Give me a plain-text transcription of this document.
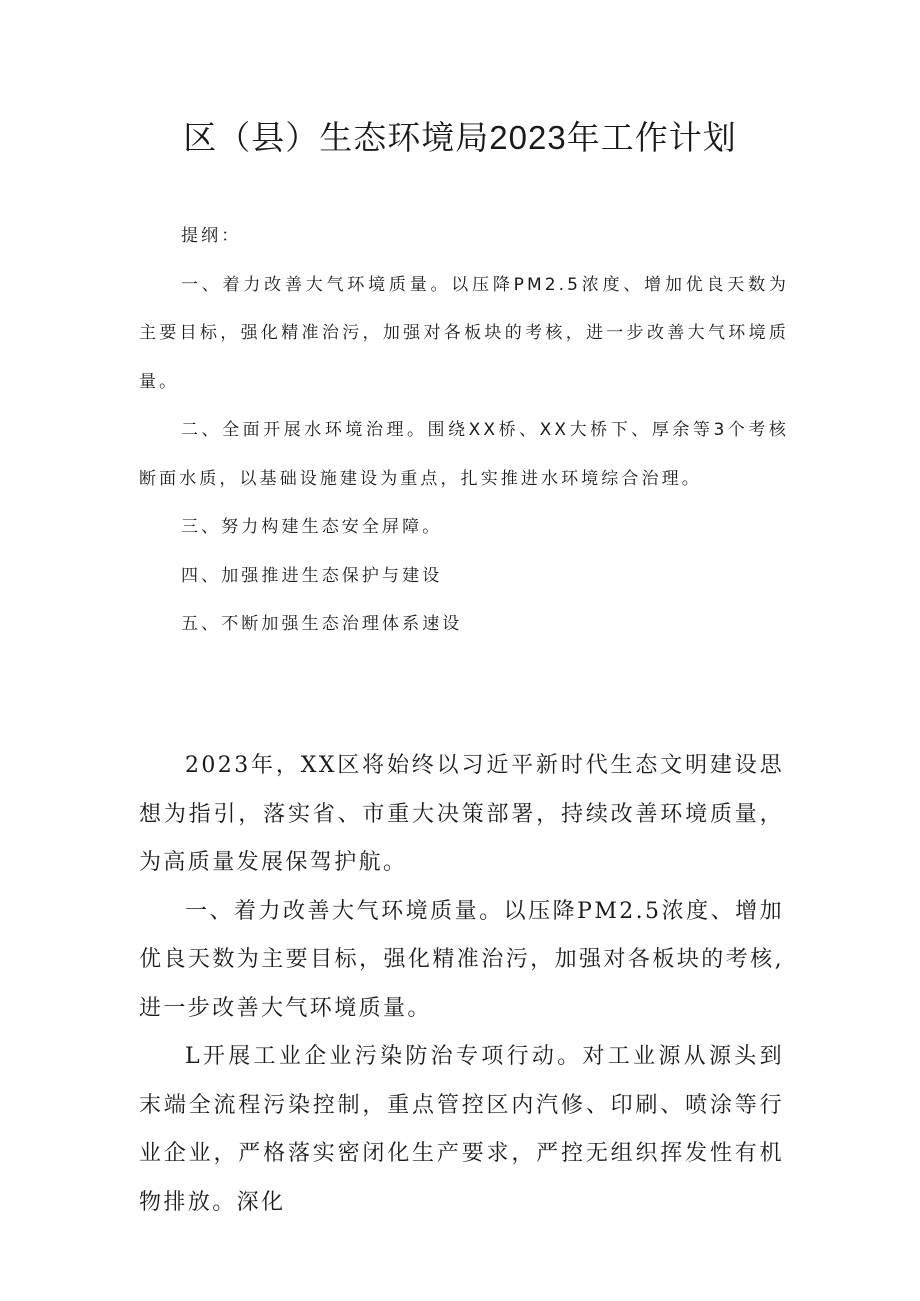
区（县）生态环境局2023年工作计划

提纲：

一、着力改善大气环境质量。以压降PM2.5浓度、增加优良天数为主要目标，强化精准治污，加强对各板块的考核，进一步改善大气环境质量。

二、全面开展水环境治理。围绕XX桥、XX大桥下、厚余等3个考核断面水质，以基础设施建设为重点，扎实推进水环境综合治理。

三、努力构建生态安全屏障。

四、加强推进生态保护与建设

五、不断加强生态治理体系速设

2023年，XX区将始终以习近平新时代生态文明建设思想为指引，落实省、市重大决策部署，持续改善环境质量，为高质量发展保驾护航。

一、着力改善大气环境质量。以压降PM2.5浓度、增加优良天数为主要目标，强化精准治污，加强对各板块的考核,进一步改善大气环境质量。

L开展工业企业污染防治专项行动。对工业源从源头到末端全流程污染控制，重点管控区内汽修、印刷、喷涂等行业企业，严格落实密闭化生产要求，严控无组织挥发性有机物排放。深化
